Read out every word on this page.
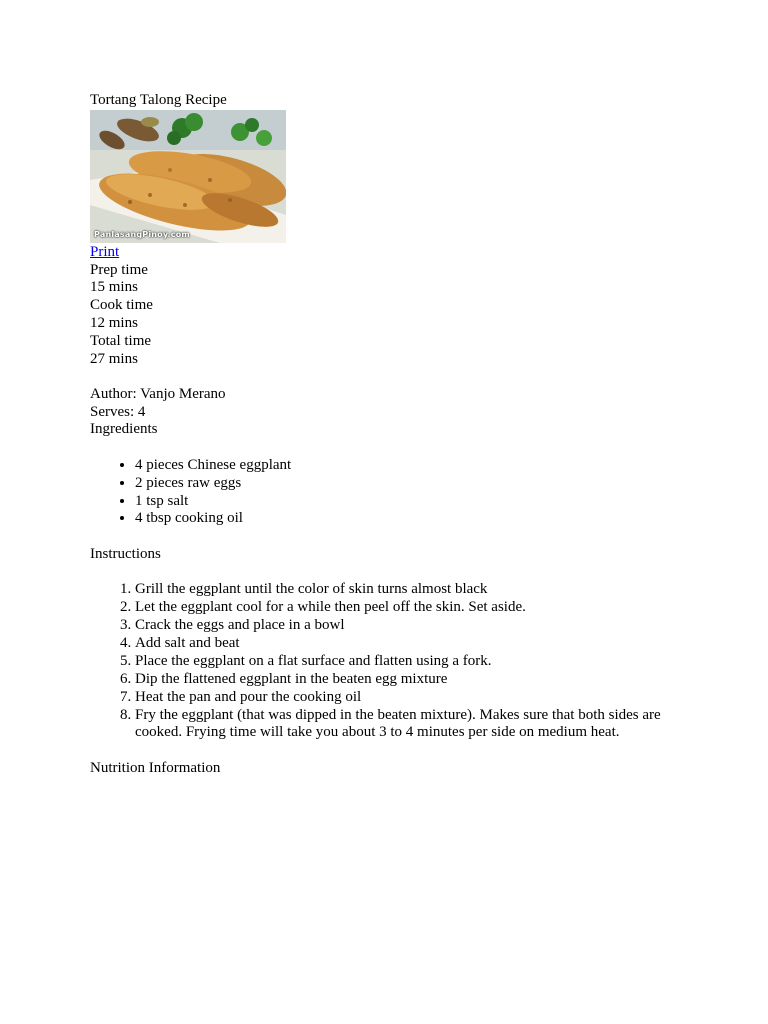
Tortang Talong Recipe

PanlasangPinoy.com

Print

Prep time

15 mins

Cook time

12 mins

Total time

27 mins

Author: Vanjo Merano

Serves: 4

Ingredients

• 4 pieces Chinese eggplant
• 2 pieces raw eggs
• 1 tsp salt
• 4 tbsp cooking oil

Instructions

1. Grill the eggplant until the color of skin turns almost black
2. Let the eggplant cool for a while then peel off the skin. Set aside.
3. Crack the eggs and place in a bowl
4. Add salt and beat
5. Place the eggplant on a flat surface and flatten using a fork.
6. Dip the flattened eggplant in the beaten egg mixture
7. Heat the pan and pour the cooking oil
8. Fry the eggplant (that was dipped in the beaten mixture). Makes sure that both sides are cooked. Frying time will take you about 3 to 4 minutes per side on medium heat.

Nutrition Information
